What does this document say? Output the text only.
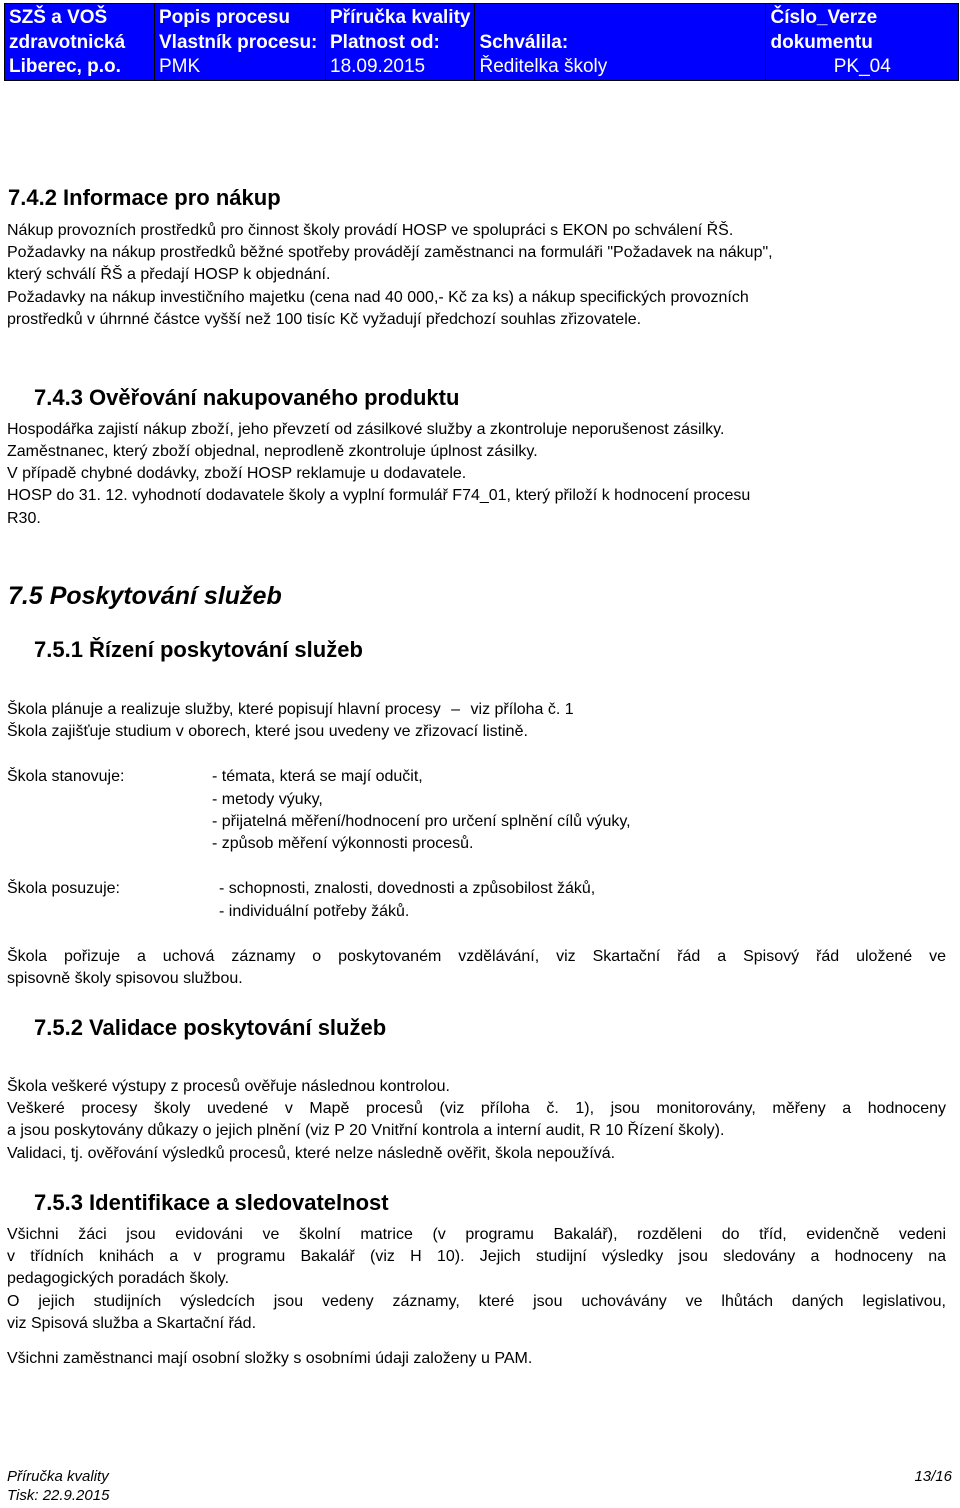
SZŠ a VOŠ
zdravotnická
Liberec, p.o.

Popis procesu
Vlastník procesu:
PMK

Příručka kvality
Platnost od:
18.09.2015

Schválila:
Ředitelka školy

Číslo_Verze
dokumentu
PK_04
7.4.2 Informace pro nákup
Nákup provozních prostředků pro činnost školy provádí HOSP ve spolupráci s EKON po schválení ŘŠ.
Požadavky na nákup prostředků běžné spotřeby provádějí zaměstnanci na formuláři "Požadavek na nákup",
který schválí ŘŠ a předají HOSP k objednání.
Požadavky na nákup investičního majetku (cena nad 40 000,- Kč za ks) a nákup specifických provozních
prostředků v úhrnné částce vyšší než 100 tisíc Kč vyžadují předchozí souhlas zřizovatele.
7.4.3 Ověřování nakupovaného produktu
Hospodářka zajistí nákup zboží, jeho převzetí od zásilkové služby a zkontroluje neporušenost zásilky.
Zaměstnanec, který zboží objednal, neprodleně zkontroluje úplnost zásilky.
V případě chybné dodávky, zboží HOSP reklamuje u dodavatele.
HOSP do 31. 12. vyhodnotí dodavatele školy a vyplní formulář F74_01, který přiloží k hodnocení procesu
R30.
7.5 Poskytování služeb
7.5.1 Řízení poskytování služeb
Škola plánuje a realizuje služby, které popisují hlavní procesy – viz příloha č. 1
Škola zajišťuje studium v oborech, které jsou uvedeny ve zřizovací listině.
Škola stanovuje:	- témata, která se mají odučit,
- metody výuky,
- přijatelná měření/hodnocení pro určení splnění cílů výuky,
- způsob měření výkonnosti procesů.
Škola posuzuje:	- schopnosti, znalosti, dovednosti a způsobilost žáků,
- individuální potřeby žáků.
Škola pořizuje a uchová záznamy o poskytovaném vzdělávání, viz Skartační řád a Spisový řád uložené ve
spisovně školy spisovou službou.
7.5.2 Validace poskytování služeb
Škola veškeré výstupy z procesů ověřuje následnou kontrolou.
Veškeré procesy školy uvedené v Mapě procesů (viz příloha č. 1), jsou monitorovány, měřeny a hodnoceny
a jsou poskytovány důkazy o jejich plnění (viz P 20 Vnitřní kontrola a interní audit, R 10 Řízení školy).
Validaci, tj. ověřování výsledků procesů, které nelze následně ověřit, škola nepoužívá.
7.5.3 Identifikace a sledovatelnost
Všichni žáci jsou evidováni ve školní matrice (v programu Bakalář), rozděleni do tříd, evidenčně vedeni
v třídních knihách a v programu Bakalář (viz H 10). Jejich studijní výsledky jsou sledovány a hodnoceny na
pedagogických poradách školy.
O jejich studijních výsledcích jsou vedeny záznamy, které jsou uchovávány ve lhůtách daných legislativou,
viz Spisová služba a Skartační řád.
Všichni zaměstnanci mají osobní složky s osobními údaji založeny u PAM.
Příručka kvality
Tisk: 22.9.2015
13/16
